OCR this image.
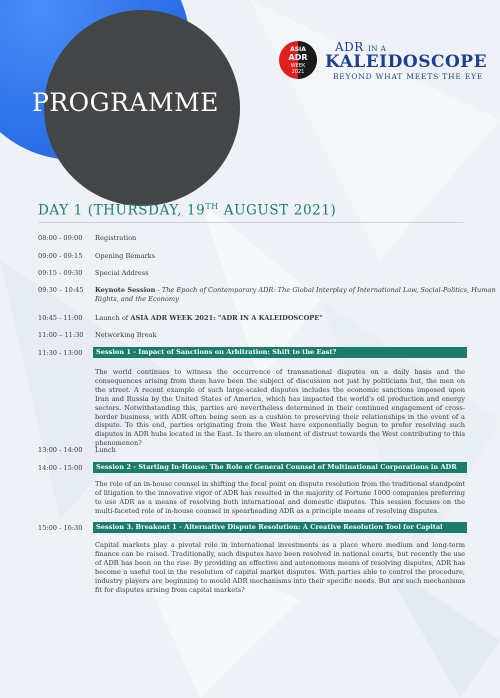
PROGRAMME
ASIA
ADR
WEEK
2021
ADR IN A
KALEIDOSCOPE
BEYOND WHAT MEETS THE EYE
DAY 1 (THURSDAY, 19TH AUGUST 2021)
08:00 - 09:00	Registration
09:00 - 09:15	Opening Remarks
09:15 - 09:30	Special Address
09:30 – 10:45	Keynote Session - The Epoch of Contemporary ADR: The Global Interplay of International Law, Social-Politics, Human Rights, and the Economy
10:45 - 11:00	Launch of ASIA ADR WEEK 2021: "ADR IN A KALEIDOSCOPE"
11:00 – 11:30	Networking Break
11:30 - 13:00	Session 1 - Impact of Sanctions on Arbitration: Shift to the East?
The world continues to witness the occurrence of transnational disputes on a daily basis and the consequences arising from them have been the subject of discussion not just by politicians but, the men on the street. A recent example of such large-scaled disputes includes the economic sanctions imposed upon Iran and Russia by the United States of America, which has impacted the world's oil production and energy sectors. Notwithstanding this, parties are nevertheless determined in their continued engagement of cross-border business, with ADR often being seen as a cushion to preserving their relationships in the event of a dispute. To this end, parties originating from the West have exponentially begun to prefer resolving such disputes in ADR hubs located in the East. Is there an element of distrust towards the West contributing to this phenomenon?
13:00 - 14:00	Lunch
14:00 - 15:00	Session 2 - Starting In-House: The Role of General Counsel of Multinational Corporations in ADR
The role of an in-house counsel in shifting the focal point on dispute resolution from the traditional standpoint of litigation to the innovative vigor of ADR has resulted in the majority of Fortune 1000 companies preferring to use ADR as a means of resolving both international and domestic disputes. This session focuses on the multi-faceted role of in-house counsel in spearheading ADR as a principle means of resolving disputes.
15:00 - 16:30	Session 3. Breakout 1 - Alternative Dispute Resolution: A Creative Resolution Tool for Capital Markets
Capital markets play a pivotal role in international investments as a place where medium and long-term finance can be raised. Traditionally, such disputes have been resolved in national courts, but recently the use of ADR has been on the rise. By providing an effective and autonomous means of resolving disputes, ADR has become a useful tool in the resolution of capital market disputes. With parties able to control the procedure, industry players are beginning to mould ADR mechanisms into their specific needs. But are such mechanisms fit for disputes arising from capital markets?
